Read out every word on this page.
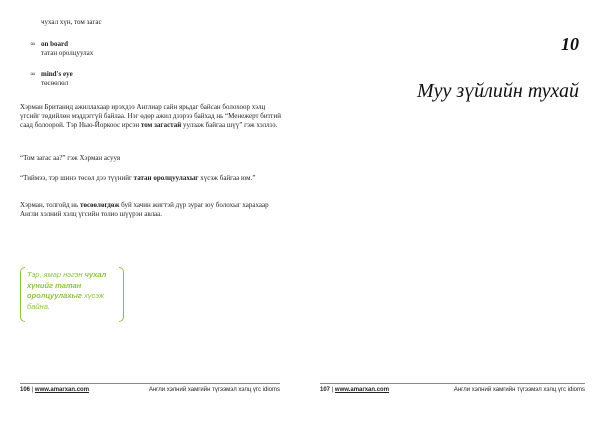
чухал хүн, том загас
∞ on board
татан оролцуулах
∞ mind's eye
төсөөлөл

Хэрман Британид ажиллахаар ирэхдээ Англиар сайн ярьдаг байсан болохоор хэлц үгсийг төдийлөн мэддэггүй байлаа. Нэг өдөр ажил дээрээ байхад нь “Менежерт битгий саад болоорой. Тэр Нью-Йоркоос ирсэн том загастай уулзаж байгаа шүү” гэж хэллээ.

“Том загас аа?” гэж Хэрман асуув

“Тиймээ, тэр шинэ төсөл дээ түүнийг татан оролцуулахыг хүсэж байгаа юм.”

Хэрман, толгойд нь төсөөлөгдөж буй хачин жигтэй дүр зураг юу болохыг харахаар Англи хэлний хэлц үгсийн толио шүүрэн авлаа.

Тэр, ямар нэгэн чухал хүнийг татан оролцуулахыг хүсэж байна.
106 | www.amarxan.com	Англи хэлний хамгийн түгээмэл хэлц үгс idioms
10
Муу зүйлийн тухай
107 | www.amarxan.com	Англи хэлний хамгийн түгээмэл хэлц үгс idioms
